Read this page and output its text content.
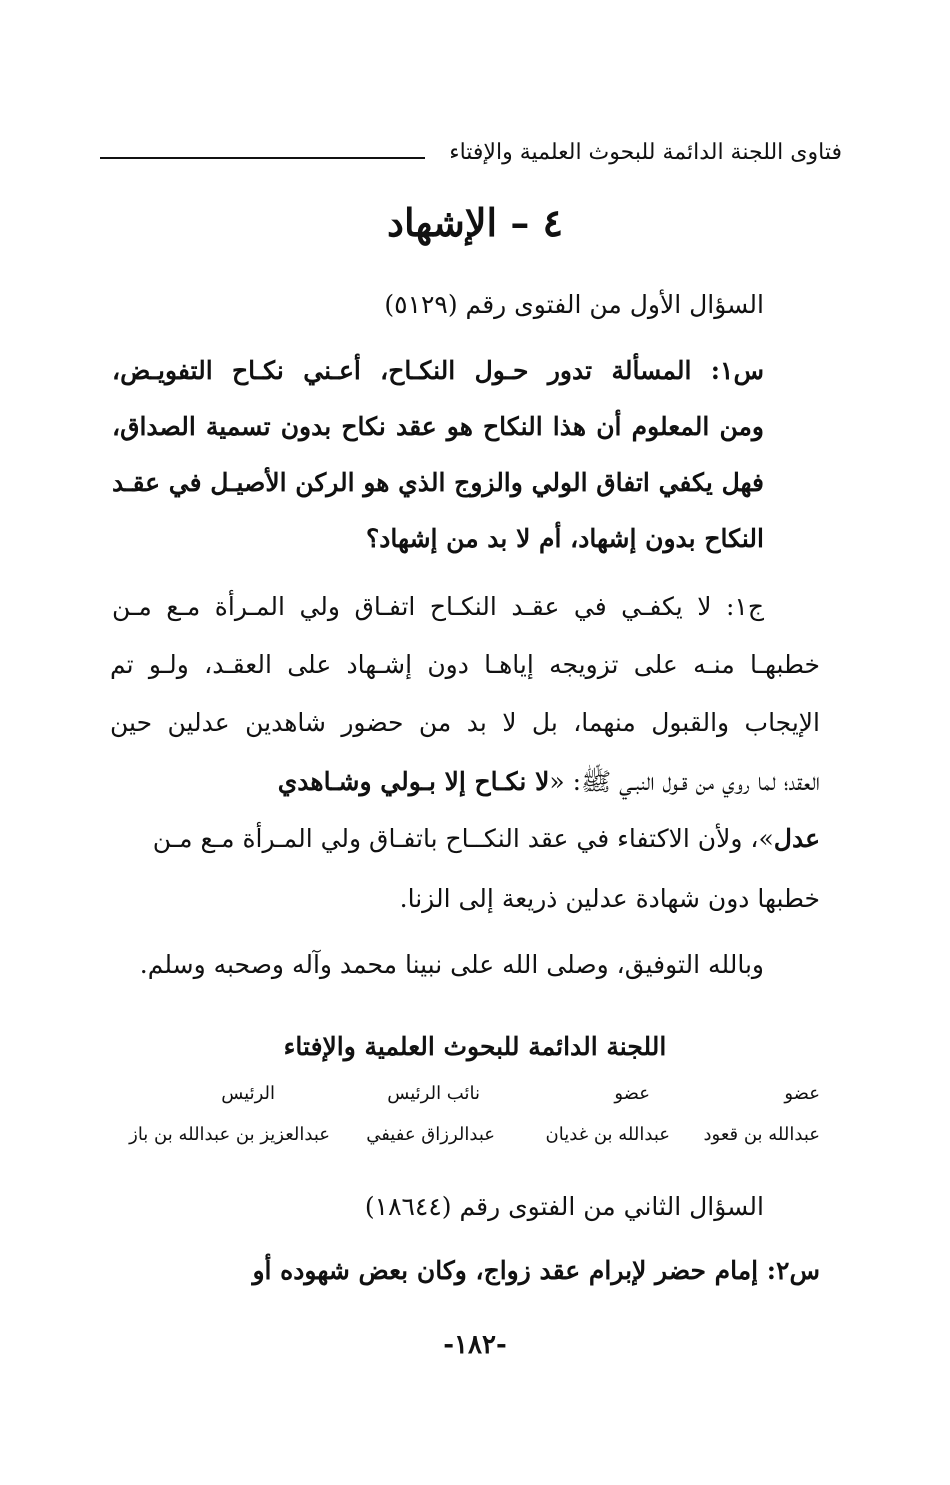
فتاوى اللجنة الدائمة للبحوث العلمية والإفتاء
٤ – الإشهاد
السؤال الأول من الفتوى رقم (٥١٢٩)
س١: المسألة تدور حـول النكـاح، أعـني نكـاح التفويـض،
ومن المعلوم أن هذا النكاح هو عقد نكاح بدون تسمية الصداق،
فهل يكفي اتفاق الولي والزوج الذي هو الركن الأصيـل في عقـد
النكاح بدون إشهاد، أم لا بد من إشهاد؟
ج١: لا يكفـي في عقـد النكـاح اتفـاق ولي المـرأة مـع مـن
خطبهـا منـه على تزويجه إياهـا دون إشـهاد على العقـد، ولـو تم
الإيجاب والقبول منهما، بل لا بد من حضور شاهدين عدلين حين
العقد؛ لما روي من قـول النبـي ﷺ: «لا نكـاح إلا بـولي وشـاهدي
عدل»، ولأن الاكتفاء في عقد النكــاح باتفـاق ولي المـرأة مـع مـن
خطبها دون شهادة عدلين ذريعة إلى الزنا.
وبالله التوفيق، وصلى الله على نبينا محمد وآله وصحبه وسلم.
اللجنة الدائمة للبحوث العلمية والإفتاء
عضو
عضو
نائب الرئيس
الرئيس
عبدالله بن قعود
عبدالله بن غديان
عبدالرزاق عفيفي
عبدالعزيز بن عبدالله بن باز
السؤال الثاني من الفتوى رقم (١٨٦٤٤)
س٢: إمام حضر لإبرام عقد زواج، وكان بعض شهوده أو
-١٨٢-
